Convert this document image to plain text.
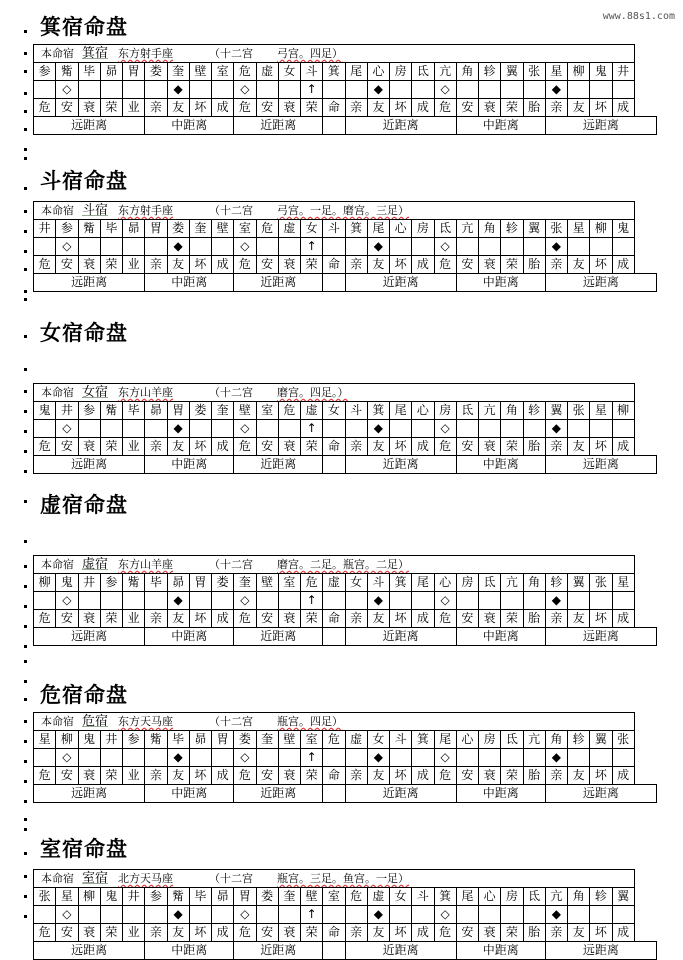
www.88s1.com
箕宿命盘
本命宿 箕宿 东方射手座 （十二宫 弓宫。四足）																										
参	觜	毕	昴	胃	娄	奎	壁	室	危	虚	女	斗	箕	尾	心	房	氐	亢	角	轸	翼	张	星	柳	鬼	井
	◇					◆			◇			↑			◆			◇					◆			
危	安	衰	荣	业	亲	友	坏	成	危	安	衰	荣	命	亲	友	坏	成	危	安	衰	荣	胎	亲	友	坏	成
远距离					中距离				近距离					近距离					中距离				远距离			
斗宿命盘
本命宿 斗宿 东方射手座 （十二宫 弓宫。一足。磨宫。三足）																										
井	参	觜	毕	昴	胃	娄	奎	壁	室	危	虚	女	斗	箕	尾	心	房	氐	亢	角	轸	翼	张	星	柳	鬼
	◇					◆			◇			↑			◆			◇					◆			
危	安	衰	荣	业	亲	友	坏	成	危	安	衰	荣	命	亲	友	坏	成	危	安	衰	荣	胎	亲	友	坏	成
远距离					中距离				近距离					近距离					中距离				远距离			
女宿命盘
本命宿 女宿 东方山羊座 （十二宫 磨宫。四足。）																										
鬼	井	参	觜	毕	昴	胃	娄	奎	壁	室	危	虚	女	斗	箕	尾	心	房	氐	亢	角	轸	翼	张	星	柳
	◇					◆			◇			↑			◆			◇					◆			
危	安	衰	荣	业	亲	友	坏	成	危	安	衰	荣	命	亲	友	坏	成	危	安	衰	荣	胎	亲	友	坏	成
远距离					中距离				近距离					近距离					中距离				远距离			
虚宿命盘
本命宿 虚宿 东方山羊座 （十二宫 磨宫。二足。瓶宫。二足）																										
柳	鬼	井	参	觜	毕	昴	胃	娄	奎	壁	室	危	虚	女	斗	箕	尾	心	房	氐	亢	角	轸	翼	张	星
	◇					◆			◇			↑			◆			◇					◆			
危	安	衰	荣	业	亲	友	坏	成	危	安	衰	荣	命	亲	友	坏	成	危	安	衰	荣	胎	亲	友	坏	成
远距离					中距离				近距离					近距离					中距离				远距离			
危宿命盘
本命宿 危宿 东方天马座 （十二宫 瓶宫。四足）																										
星	柳	鬼	井	参	觜	毕	昴	胃	娄	奎	壁	室	危	虚	女	斗	箕	尾	心	房	氐	亢	角	轸	翼	张
	◇					◆			◇			↑			◆			◇					◆			
危	安	衰	荣	业	亲	友	坏	成	危	安	衰	荣	命	亲	友	坏	成	危	安	衰	荣	胎	亲	友	坏	成
远距离					中距离				近距离					近距离					中距离				远距离			
室宿命盘
本命宿 室宿 北方天马座 （十二宫 瓶宫。三足。鱼宫。一足）																										
张	星	柳	鬼	井	参	觜	毕	昴	胃	娄	奎	壁	室	危	虚	女	斗	箕	尾	心	房	氐	亢	角	轸	翼
	◇					◆			◇			↑			◆			◇					◆			
危	安	衰	荣	业	亲	友	坏	成	危	安	衰	荣	命	亲	友	坏	成	危	安	衰	荣	胎	亲	友	坏	成
远距离					中距离				近距离					近距离					中距离				远距离			
